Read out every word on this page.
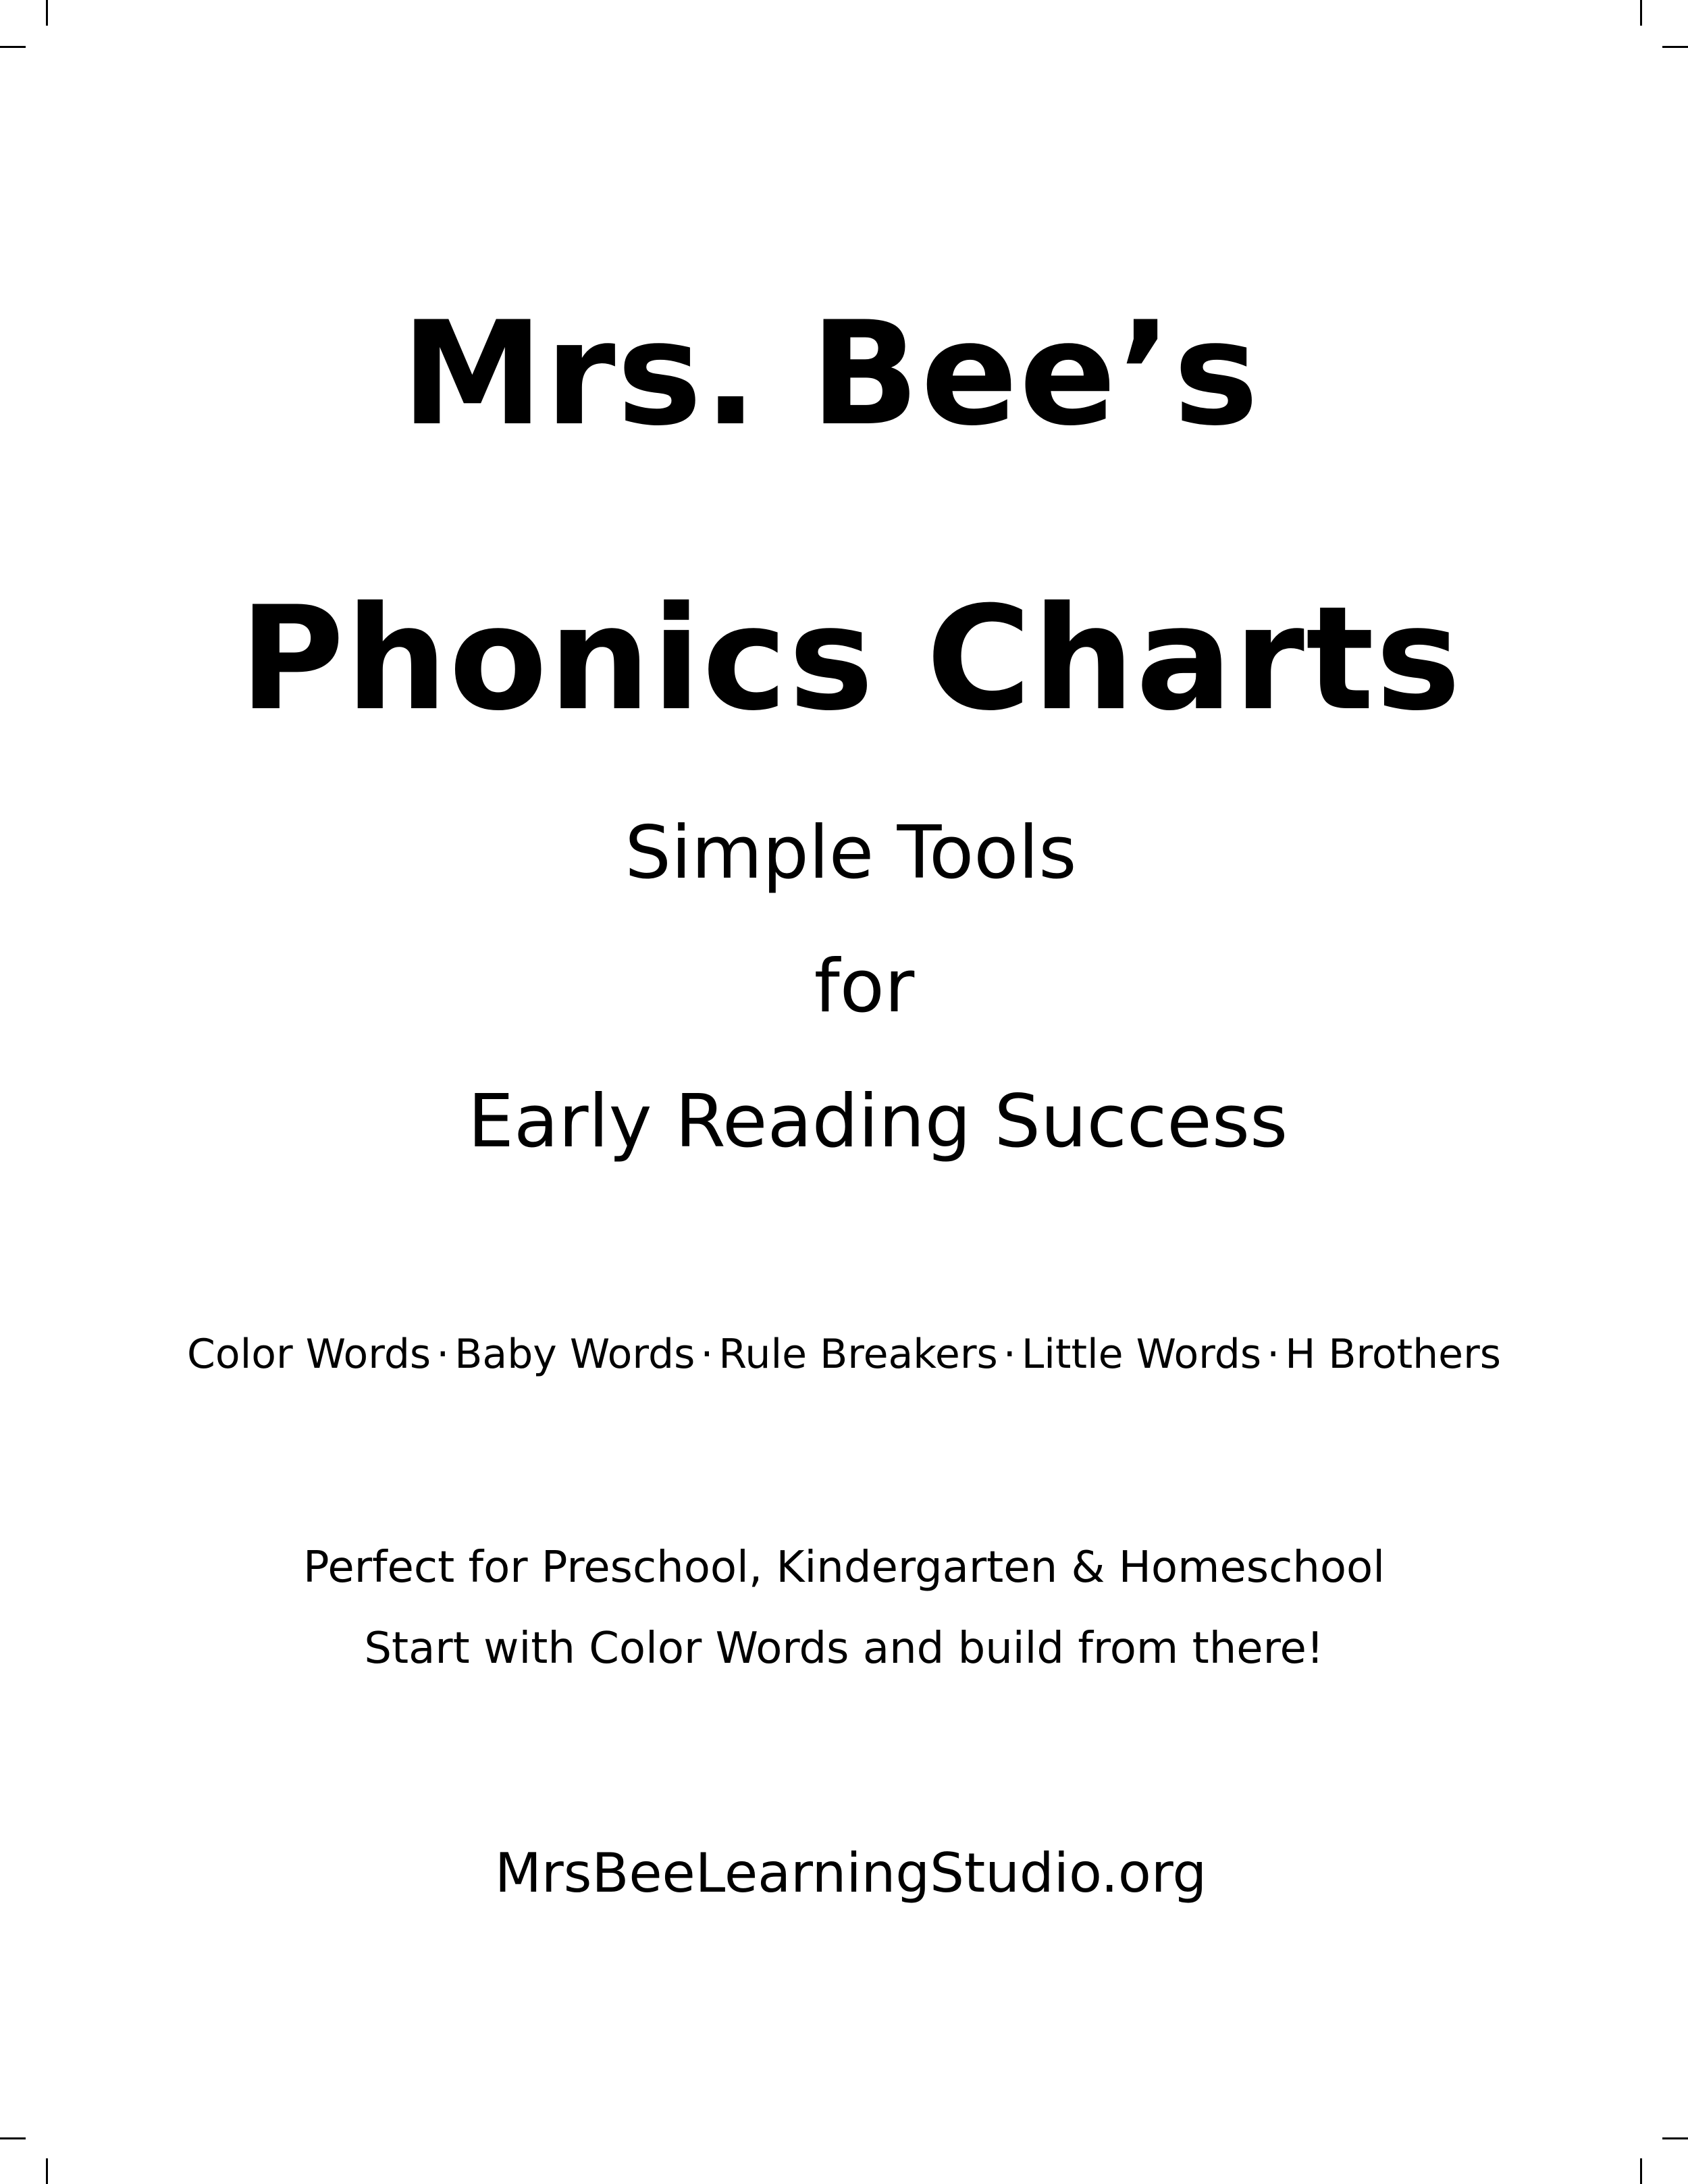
Mrs. Bee’s
Phonics Charts
Simple Tools
for
Early Reading Success
Color Words · Baby Words · Rule Breakers · Little Words · H Brothers
Perfect for Preschool, Kindergarten & Homeschool
Start with Color Words and build from there!
MrsBeeLearningStudio.org
